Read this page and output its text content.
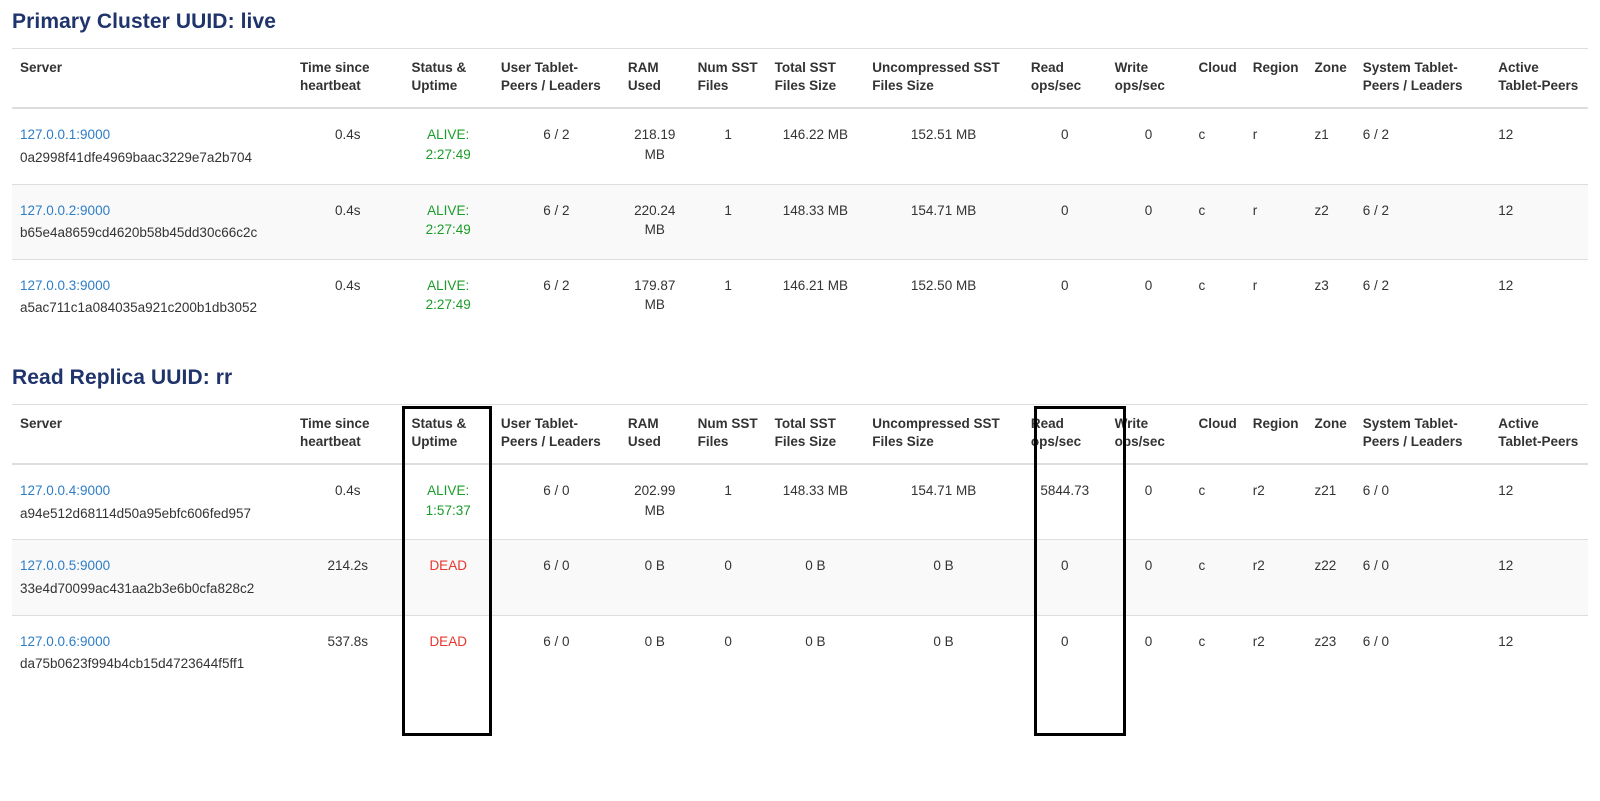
Primary Cluster UUID: live
Server	Time since heartbeat	Status & Uptime	User Tablet-Peers / Leaders	RAM Used	Num SST Files	Total SST Files Size	Uncompressed SST Files Size	Read ops/sec	Write ops/sec	Cloud	Region	Zone	System Tablet-Peers / Leaders	Active Tablet-Peers

127.0.0.1:9000
0a2998f41dfe4969baac3229e7a2b704	0.4s	ALIVE:
2:27:49	6 / 2	218.19 MB	1	146.22 MB	152.51 MB	0	0	c	r	z1	6 / 2	12

127.0.0.2:9000
b65e4a8659cd4620b58b45dd30c66c2c	0.4s	ALIVE:
2:27:49	6 / 2	220.24 MB	1	148.33 MB	154.71 MB	0	0	c	r	z2	6 / 2	12

127.0.0.3:9000
a5ac711c1a084035a921c200b1db3052	0.4s	ALIVE:
2:27:49	6 / 2	179.87 MB	1	146.21 MB	152.50 MB	0	0	c	r	z3	6 / 2	12
Read Replica UUID: rr
Server	Time since heartbeat	Status & Uptime	User Tablet-Peers / Leaders	RAM Used	Num SST Files	Total SST Files Size	Uncompressed SST Files Size	Read ops/sec	Write ops/sec	Cloud	Region	Zone	System Tablet-Peers / Leaders	Active Tablet-Peers

127.0.0.4:9000
a94e512d68114d50a95ebfc606fed957	0.4s	ALIVE:
1:57:37	6 / 0	202.99 MB	1	148.33 MB	154.71 MB	5844.73	0	c	r2	z21	6 / 0	12

127.0.0.5:9000
33e4d70099ac431aa2b3e6b0cfa828c2	214.2s	DEAD	6 / 0	0 B	0	0 B	0 B	0	0	c	r2	z22	6 / 0	12

127.0.0.6:9000
da75b0623f994b4cb15d4723644f5ff1	537.8s	DEAD	6 / 0	0 B	0	0 B	0 B	0	0	c	r2	z23	6 / 0	12
